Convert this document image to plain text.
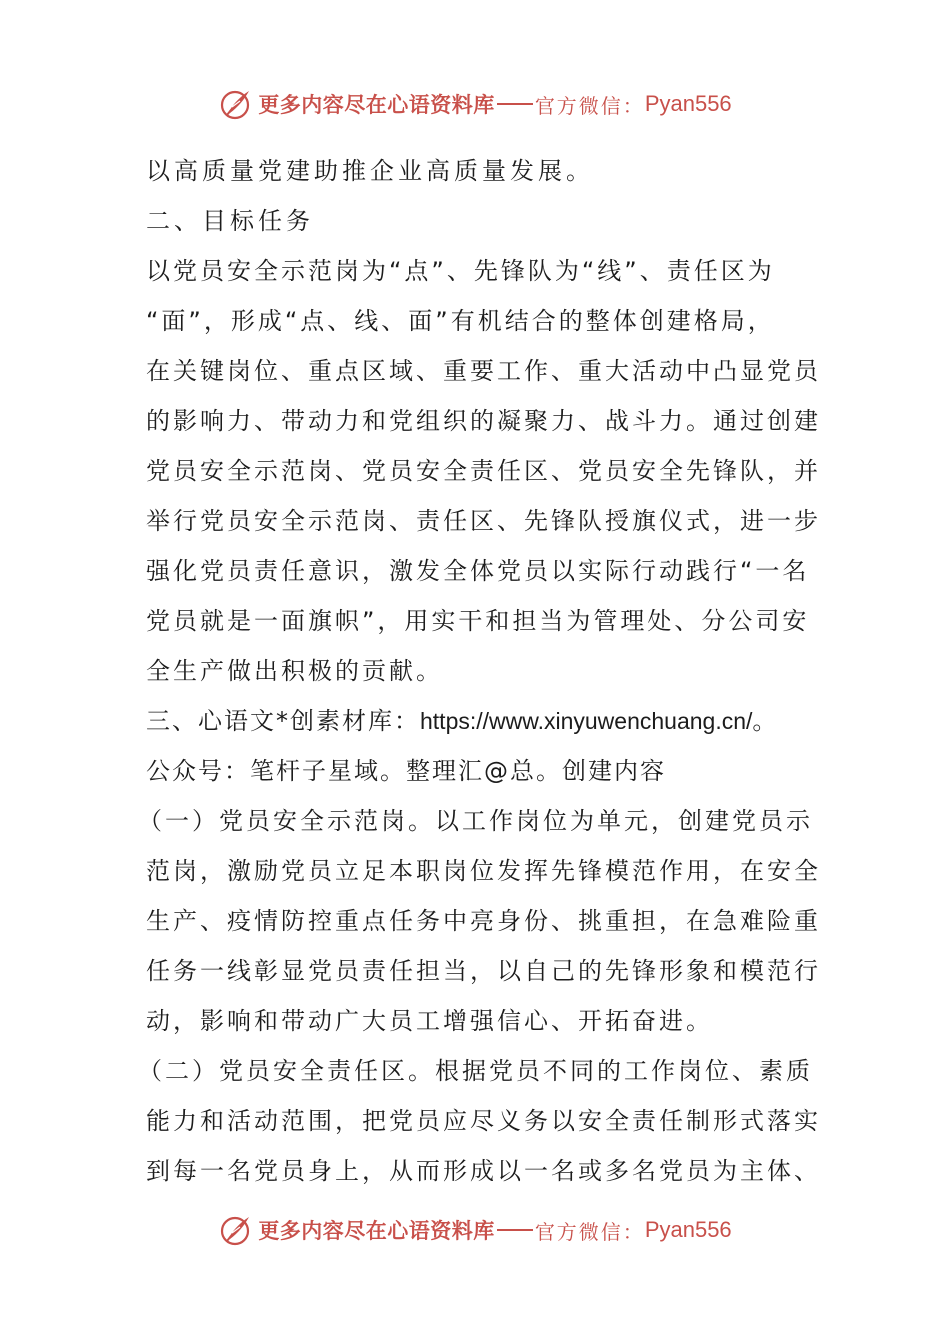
更多内容尽在心语资料库 官方微信： Pyan556
以高质量党建助推企业高质量发展。
二、目标任务
以党员安全示范岗为“点”、先锋队为“线”、责任区为
“面”，形成“点、线、面”有机结合的整体创建格局，
在关键岗位、重点区域、重要工作、重大活动中凸显党员
的影响力、带动力和党组织的凝聚力、战斗力。通过创建
党员安全示范岗、党员安全责任区、党员安全先锋队，并
举行党员安全示范岗、责任区、先锋队授旗仪式，进一步
强化党员责任意识，激发全体党员以实际行动践行“一名
党员就是一面旗帜”，用实干和担当为管理处、分公司安
全生产做出积极的贡献。
三、心语文*创素材库：https://www.xinyuwenchuang.cn/。
公众号：笔杆子星域。整理汇@总。创建内容
（一）党员安全示范岗。以工作岗位为单元，创建党员示
范岗，激励党员立足本职岗位发挥先锋模范作用，在安全
生产、疫情防控重点任务中亮身份、挑重担，在急难险重
任务一线彰显党员责任担当，以自己的先锋形象和模范行
动，影响和带动广大员工增强信心、开拓奋进。
（二）党员安全责任区。根据党员不同的工作岗位、素质
能力和活动范围，把党员应尽义务以安全责任制形式落实
到每一名党员身上，从而形成以一名或多名党员为主体、
更多内容尽在心语资料库 官方微信： Pyan556
